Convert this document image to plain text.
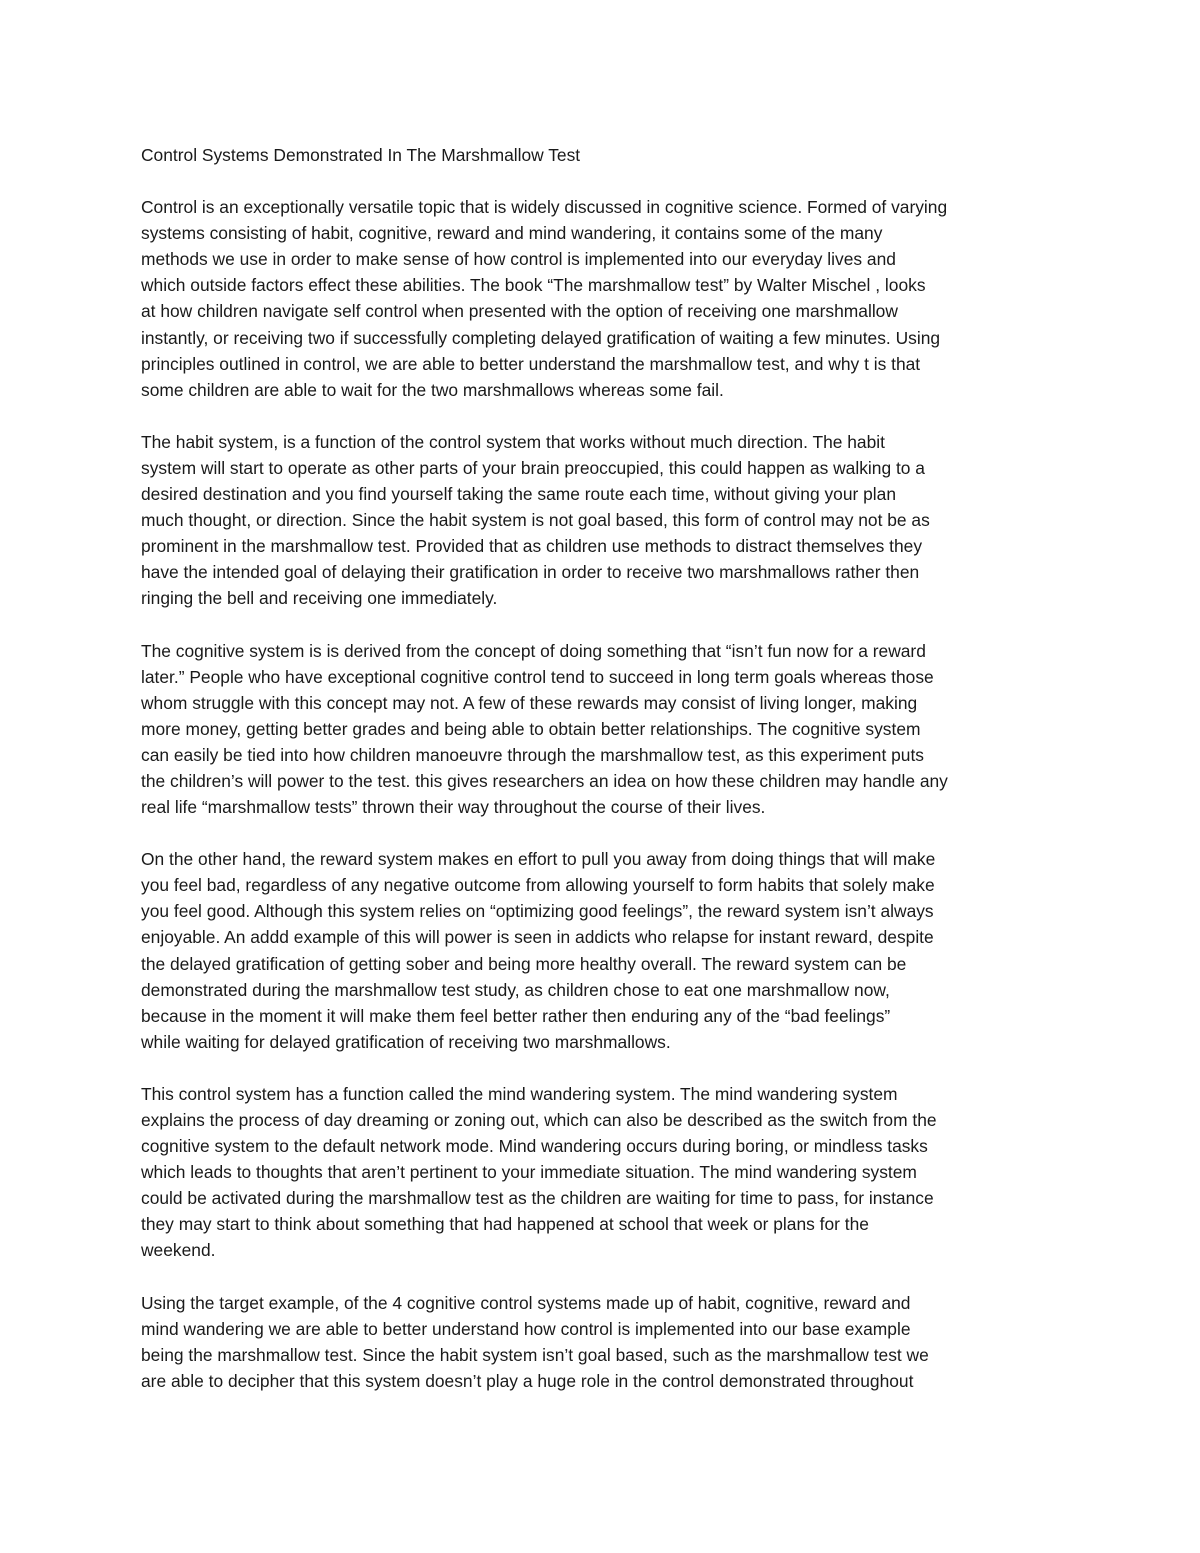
Control Systems Demonstrated In The Marshmallow Test
Control is an exceptionally versatile topic that is widely discussed in cognitive science. Formed of varying
systems consisting of habit, cognitive, reward and mind wandering, it contains some of the many
methods we use in order to make sense of how control is implemented into our everyday lives and
which outside factors effect these abilities. The book “The marshmallow test” by Walter Mischel , looks
at how children navigate self control when presented with the option of receiving one marshmallow
instantly, or receiving two if successfully completing delayed gratification of waiting a few minutes. Using
principles outlined in control, we are able to better understand the marshmallow test, and why t is that
some children are able to wait for the two marshmallows whereas some fail.
The habit system, is a function of the control system that works without much direction. The habit
system will start to operate as other parts of your brain preoccupied, this could happen as walking to a
desired destination and you find yourself taking the same route each time, without giving your plan
much thought, or direction. Since the habit system is not goal based, this form of control may not be as
prominent in the marshmallow test. Provided that as children use methods to distract themselves they
have the intended goal of delaying their gratification in order to receive two marshmallows rather then
ringing the bell and receiving one immediately.
The cognitive system is is derived from the concept of doing something that “isn’t fun now for a reward
later.” People who have exceptional cognitive control tend to succeed in long term goals whereas those
whom struggle with this concept may not. A few of these rewards may consist of living longer, making
more money, getting better grades and being able to obtain better relationships. The cognitive system
can easily be tied into how children manoeuvre through the marshmallow test, as this experiment puts
the children’s will power to the test. this gives researchers an idea on how these children may handle any
real life “marshmallow tests” thrown their way throughout the course of their lives.
On the other hand, the reward system makes en effort to pull you away from doing things that will make
you feel bad, regardless of any negative outcome from allowing yourself to form habits that solely make
you feel good. Although this system relies on “optimizing good feelings”, the reward system isn’t always
enjoyable. An addd example of this will power is seen in addicts who relapse for instant reward, despite
the delayed gratification of getting sober and being more healthy overall. The reward system can be
demonstrated during the marshmallow test study, as children chose to eat one marshmallow now,
because in the moment it will make them feel better rather then enduring any of the “bad feelings”
while waiting for delayed gratification of receiving two marshmallows.
This control system has a function called the mind wandering system. The mind wandering system
explains the process of day dreaming or zoning out, which can also be described as the switch from the
cognitive system to the default network mode. Mind wandering occurs during boring, or mindless tasks
which leads to thoughts that aren’t pertinent to your immediate situation. The mind wandering system
could be activated during the marshmallow test as the children are waiting for time to pass, for instance
they may start to think about something that had happened at school that week or plans for the
weekend.
Using the target example, of the 4 cognitive control systems made up of habit, cognitive, reward and
mind wandering we are able to better understand how control is implemented into our base example
being the marshmallow test. Since the habit system isn’t goal based, such as the marshmallow test we
are able to decipher that this system doesn’t play a huge role in the control demonstrated throughout
